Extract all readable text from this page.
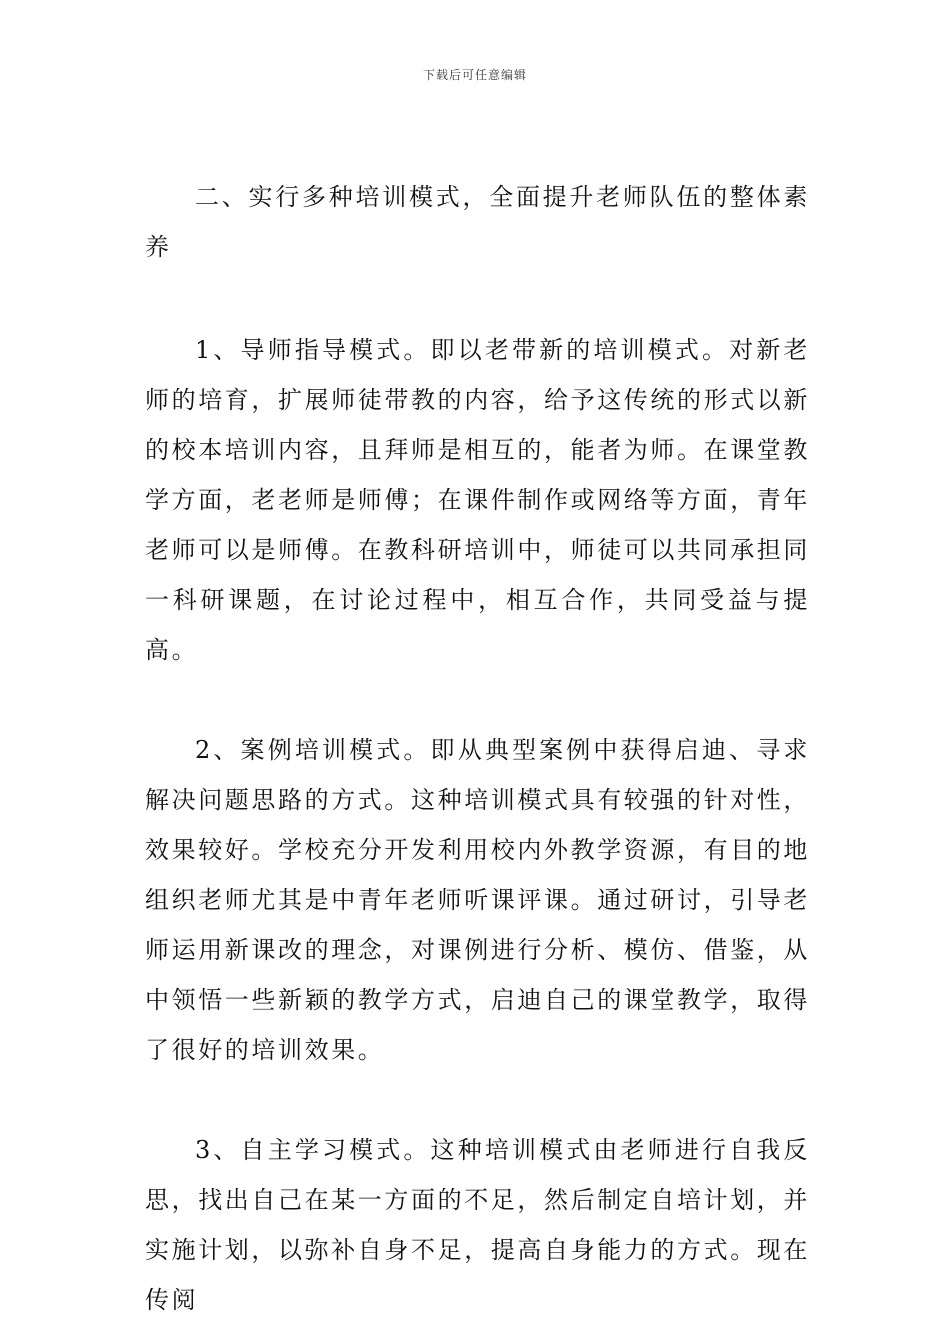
下载后可任意编辑

二、实行多种培训模式，全面提升老师队伍的整体素养

1、导师指导模式。即以老带新的培训模式。对新老师的培育，扩展师徒带教的内容，给予这传统的形式以新的校本培训内容，且拜师是相互的，能者为师。在课堂教学方面，老老师是师傅；在课件制作或网络等方面，青年老师可以是师傅。在教科研培训中，师徒可以共同承担同一科研课题，在讨论过程中，相互合作，共同受益与提高。

2、案例培训模式。即从典型案例中获得启迪、寻求解决问题思路的方式。这种培训模式具有较强的针对性，效果较好。学校充分开发利用校内外教学资源，有目的地组织老师尤其是中青年老师听课评课。通过研讨，引导老师运用新课改的理念，对课例进行分析、模仿、借鉴，从中领悟一些新颖的教学方式，启迪自己的课堂教学，取得了很好的培训效果。

3、自主学习模式。这种培训模式由老师进行自我反思，找出自己在某一方面的不足，然后制定自培计划，并实施计划，以弥补自身不足，提高自身能力的方式。现在传阅
